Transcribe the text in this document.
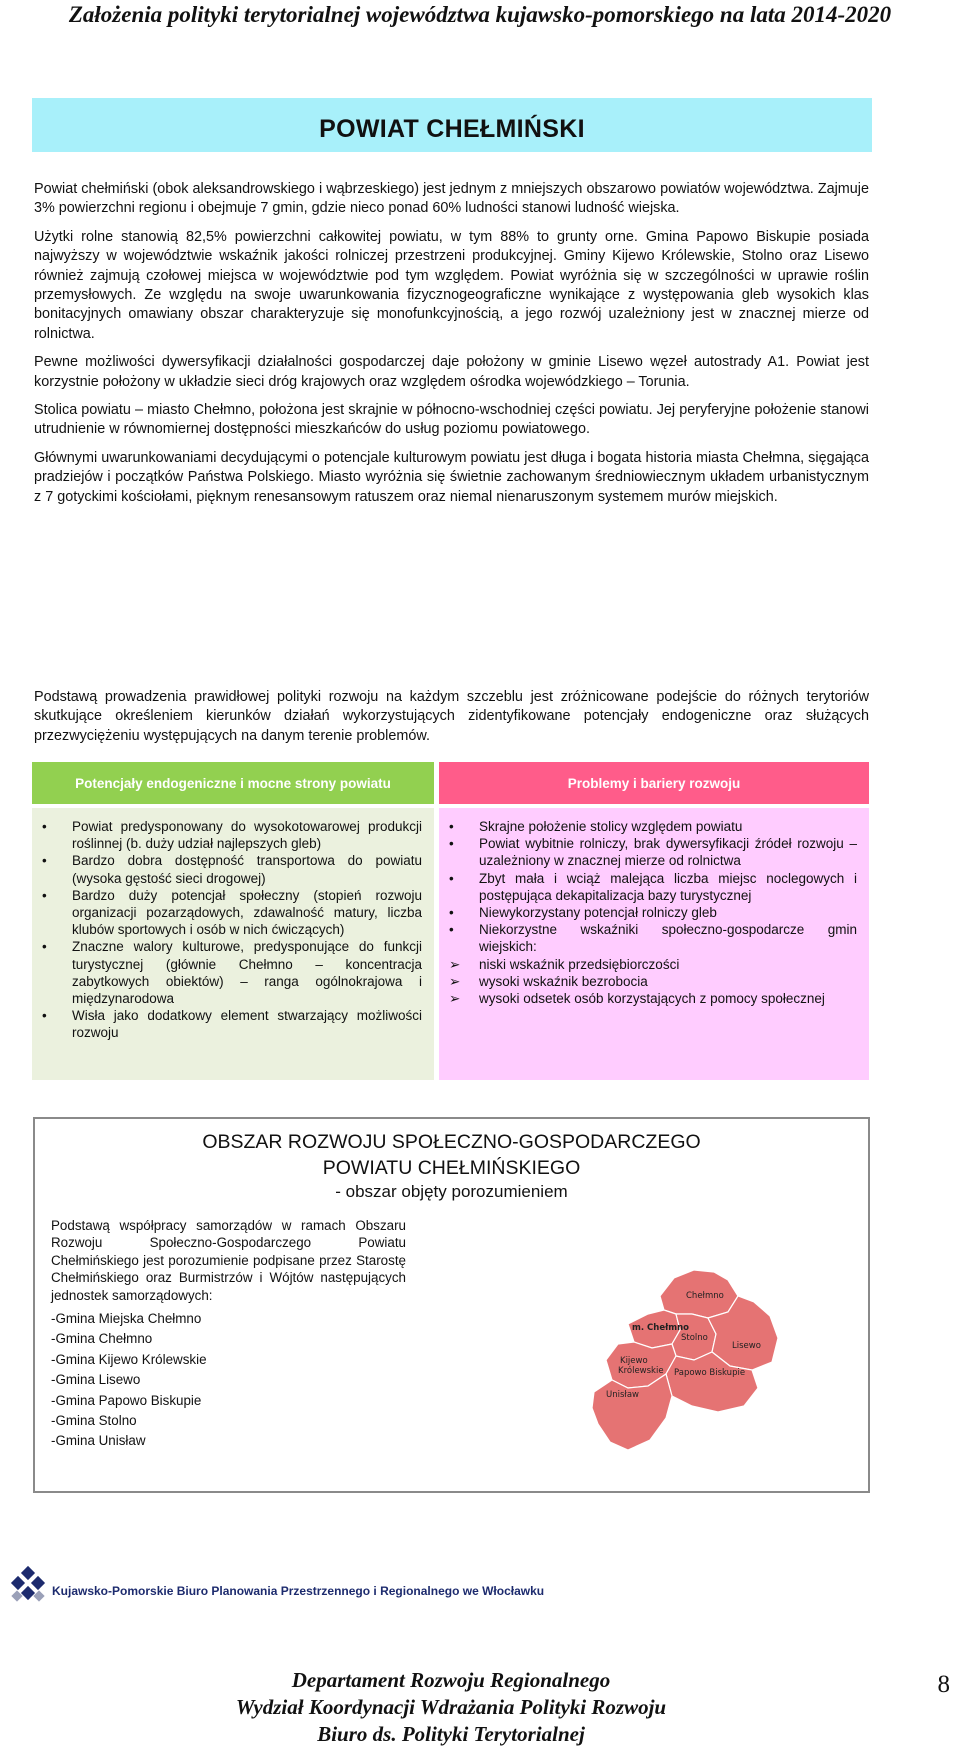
Założenia polityki terytorialnej województwa kujawsko-pomorskiego na lata 2014-2020
POWIAT CHEŁMIŃSKI

Powiat chełmiński (obok aleksandrowskiego i wąbrzeskiego) jest jednym z mniejszych obszarowo powiatów województwa. Zajmuje 3% powierzchni regionu i obejmuje 7 gmin, gdzie nieco ponad 60% ludności stanowi ludność wiejska.

Użytki rolne stanowią 82,5% powierzchni całkowitej powiatu, w tym 88% to grunty orne. Gmina Papowo Biskupie posiada najwyższy w województwie wskaźnik jakości rolniczej przestrzeni produkcyjnej. Gminy Kijewo Królewskie, Stolno oraz Lisewo również zajmują czołowej miejsca w województwie pod tym względem. Powiat wyróżnia się w szczególności w uprawie roślin przemysłowych. Ze względu na swoje uwarunkowania fizycznogeograficzne wynikające z występowania gleb wysokich klas bonitacyjnych omawiany obszar charakteryzuje się monofunkcyjnością, a jego rozwój uzależniony jest w znacznej mierze od rolnictwa.

Pewne możliwości dywersyfikacji działalności gospodarczej daje położony w gminie Lisewo węzeł autostrady A1. Powiat jest korzystnie położony w układzie sieci dróg krajowych oraz względem ośrodka wojewódzkiego – Torunia.

Stolica powiatu – miasto Chełmno, położona jest skrajnie w północno-wschodniej części powiatu. Jej peryferyjne położenie stanowi utrudnienie w równomiernej dostępności mieszkańców do usług poziomu powiatowego.

Głównymi uwarunkowaniami decydującymi o potencjale kulturowym powiatu jest długa i bogata historia miasta Chełmna, sięgająca pradziejów i początków Państwa Polskiego. Miasto wyróżnia się świetnie zachowanym średniowiecznym układem urbanistycznym z 7 gotyckimi kościołami, pięknym renesansowym ratuszem oraz niemal nienaruszonym systemem murów miejskich.

Podstawą prowadzenia prawidłowej polityki rozwoju na każdym szczeblu jest zróżnicowane podejście do różnych terytoriów skutkujące określeniem kierunków działań wykorzystujących zidentyfikowane potencjały endogeniczne oraz służących przezwyciężeniu występujących na danym terenie problemów.

Potencjały endogeniczne i mocne strony powiatu	Problemy i bariery rozwoju
• Powiat predysponowany do wysokotowarowej produkcji roślinnej (b. duży udział najlepszych gleb)
• Bardzo dobra dostępność transportowa do powiatu (wysoka gęstość sieci drogowej)
• Bardzo duży potencjał społeczny (stopień rozwoju organizacji pozarządowych, zdawalność matury, liczba klubów sportowych i osób w nich ćwiczących)
• Znaczne walory kulturowe, predysponujące do funkcji turystycznej (głównie Chełmno – koncentracja zabytkowych obiektów) – ranga ogólnokrajowa i międzynarodowa
• Wisła jako dodatkowy element stwarzający możliwości rozwoju
• Skrajne położenie stolicy względem powiatu
• Powiat wybitnie rolniczy, brak dywersyfikacji źródeł rozwoju – uzależniony w znacznej mierze od rolnictwa
• Zbyt mała i wciąż malejąca liczba miejsc noclegowych i postępująca dekapitalizacja bazy turystycznej
• Niewykorzystany potencjał rolniczy gleb
• Niekorzystne wskaźniki społeczno-gospodarcze gmin wiejskich:
➢ niski wskaźnik przedsiębiorczości
➢ wysoki wskaźnik bezrobocia
➢ wysoki odsetek osób korzystających z pomocy społecznej
OBSZAR ROZWOJU SPOŁECZNO-GOSPODARCZEGO
POWIATU CHEŁMIŃSKIEGO
- obszar objęty porozumieniem
Podstawą współpracy samorządów w ramach Obszaru Rozwoju Społeczno-Gospodarczego Powiatu Chełmińskiego jest porozumienie podpisane przez Starostę Chełmińskiego oraz Burmistrzów i Wójtów następujących jednostek samorządowych:
-Gmina Miejska Chełmno
-Gmina Chełmno
-Gmina Kijewo Królewskie
-Gmina Lisewo
-Gmina Papowo Biskupie
-Gmina Stolno
-Gmina Unisław
Chełmno
m. Chełmno
Stolno
Lisewo
Kijewo
Królewskie Papowo Biskupie
Unisław
Kujawsko-Pomorskie Biuro Planowania Przestrzennego i Regionalnego we Włocławku
Departament Rozwoju Regionalnego
Wydział Koordynacji Wdrażania Polityki Rozwoju
Biuro ds. Polityki Terytorialnej
8
